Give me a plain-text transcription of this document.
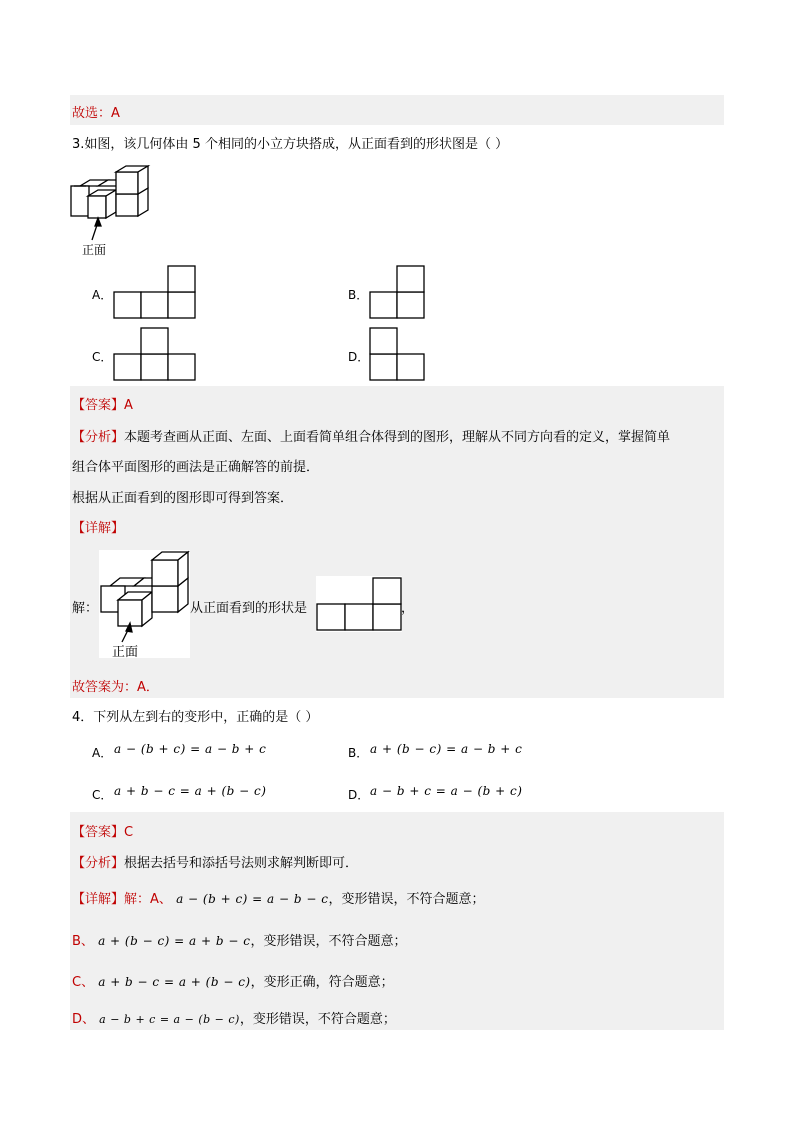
故选：A
3.如图，该几何体由 5 个相同的小立方块搭成，从正面看到的形状图是（ ）
正面
A．	B．
C．	D．
【答案】A
【分析】本题考查画从正面、左面、上面看简单组合体得到的图形，理解从不同方向看的定义，掌握简单
组合体平面图形的画法是正确解答的前提．
根据从正面看到的图形即可得到答案．
【详解】
解：
正面
从正面看到的形状是	，
故答案为：A．
4．下列从左到右的变形中，正确的是（ ）
A． a − (b + c) = a − b + c	B． a + (b − c) = a − b + c
C． a + b − c = a + (b − c)	D． a − b + c = a − (b + c)
【答案】C
【分析】根据去括号和添括号法则求解判断即可．
【详解】解：A、 a − (b + c) = a − b − c，变形错误，不符合题意；
B、 a + (b − c) = a + b − c，变形错误，不符合题意；
C、 a + b − c = a + (b − c)，变形正确，符合题意；
D、 a − b + c = a − (b − c)，变形错误，不符合题意；
